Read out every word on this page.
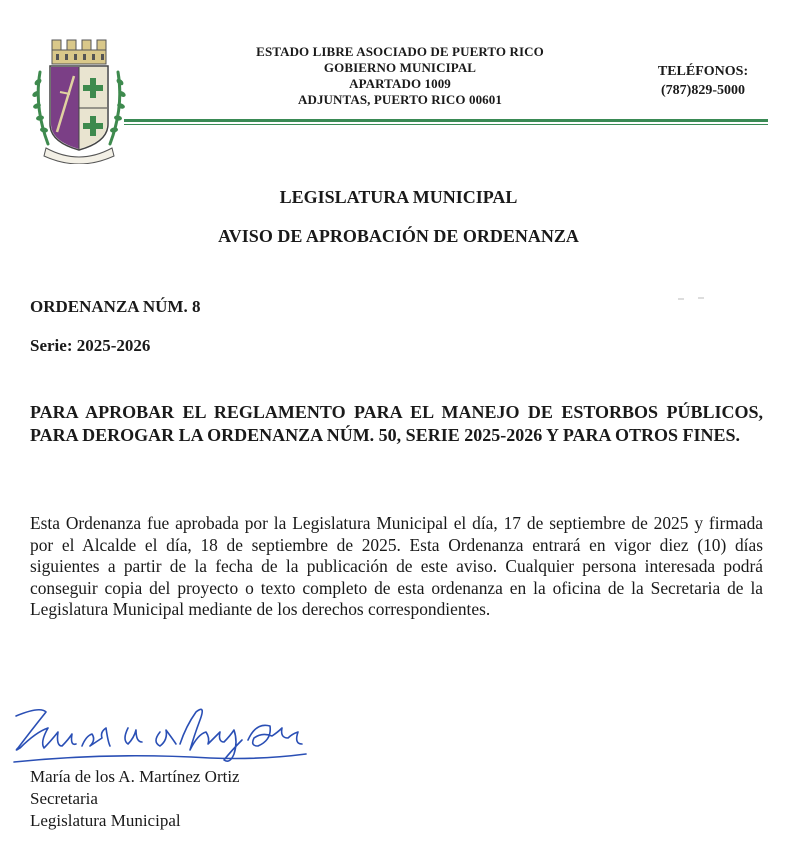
ESTADO LIBRE ASOCIADO DE PUERTO RICO
GOBIERNO MUNICIPAL
APARTADO 1009
ADJUNTAS, PUERTO RICO 00601
TELÉFONOS:
(787)829-5000
LEGISLATURA MUNICIPAL
AVISO DE APROBACIÓN DE ORDENANZA
ORDENANZA NÚM. 8
Serie: 2025-2026
PARA APROBAR EL REGLAMENTO PARA EL MANEJO DE ESTORBOS PÚBLICOS, PARA DEROGAR LA ORDENANZA NÚM. 50, SERIE 2025-2026 Y PARA OTROS FINES.
Esta Ordenanza fue aprobada por la Legislatura Municipal el día, 17 de septiembre de 2025 y firmada por el Alcalde el día, 18 de septiembre de 2025. Esta Ordenanza entrará en vigor diez (10) días siguientes a partir de la fecha de la publicación de este aviso. Cualquier persona interesada podrá conseguir copia del proyecto o texto completo de esta ordenanza en la oficina de la Secretaria de la Legislatura Municipal mediante de los derechos correspondientes.
María de los A. Martínez Ortiz
Secretaria
Legislatura Municipal
